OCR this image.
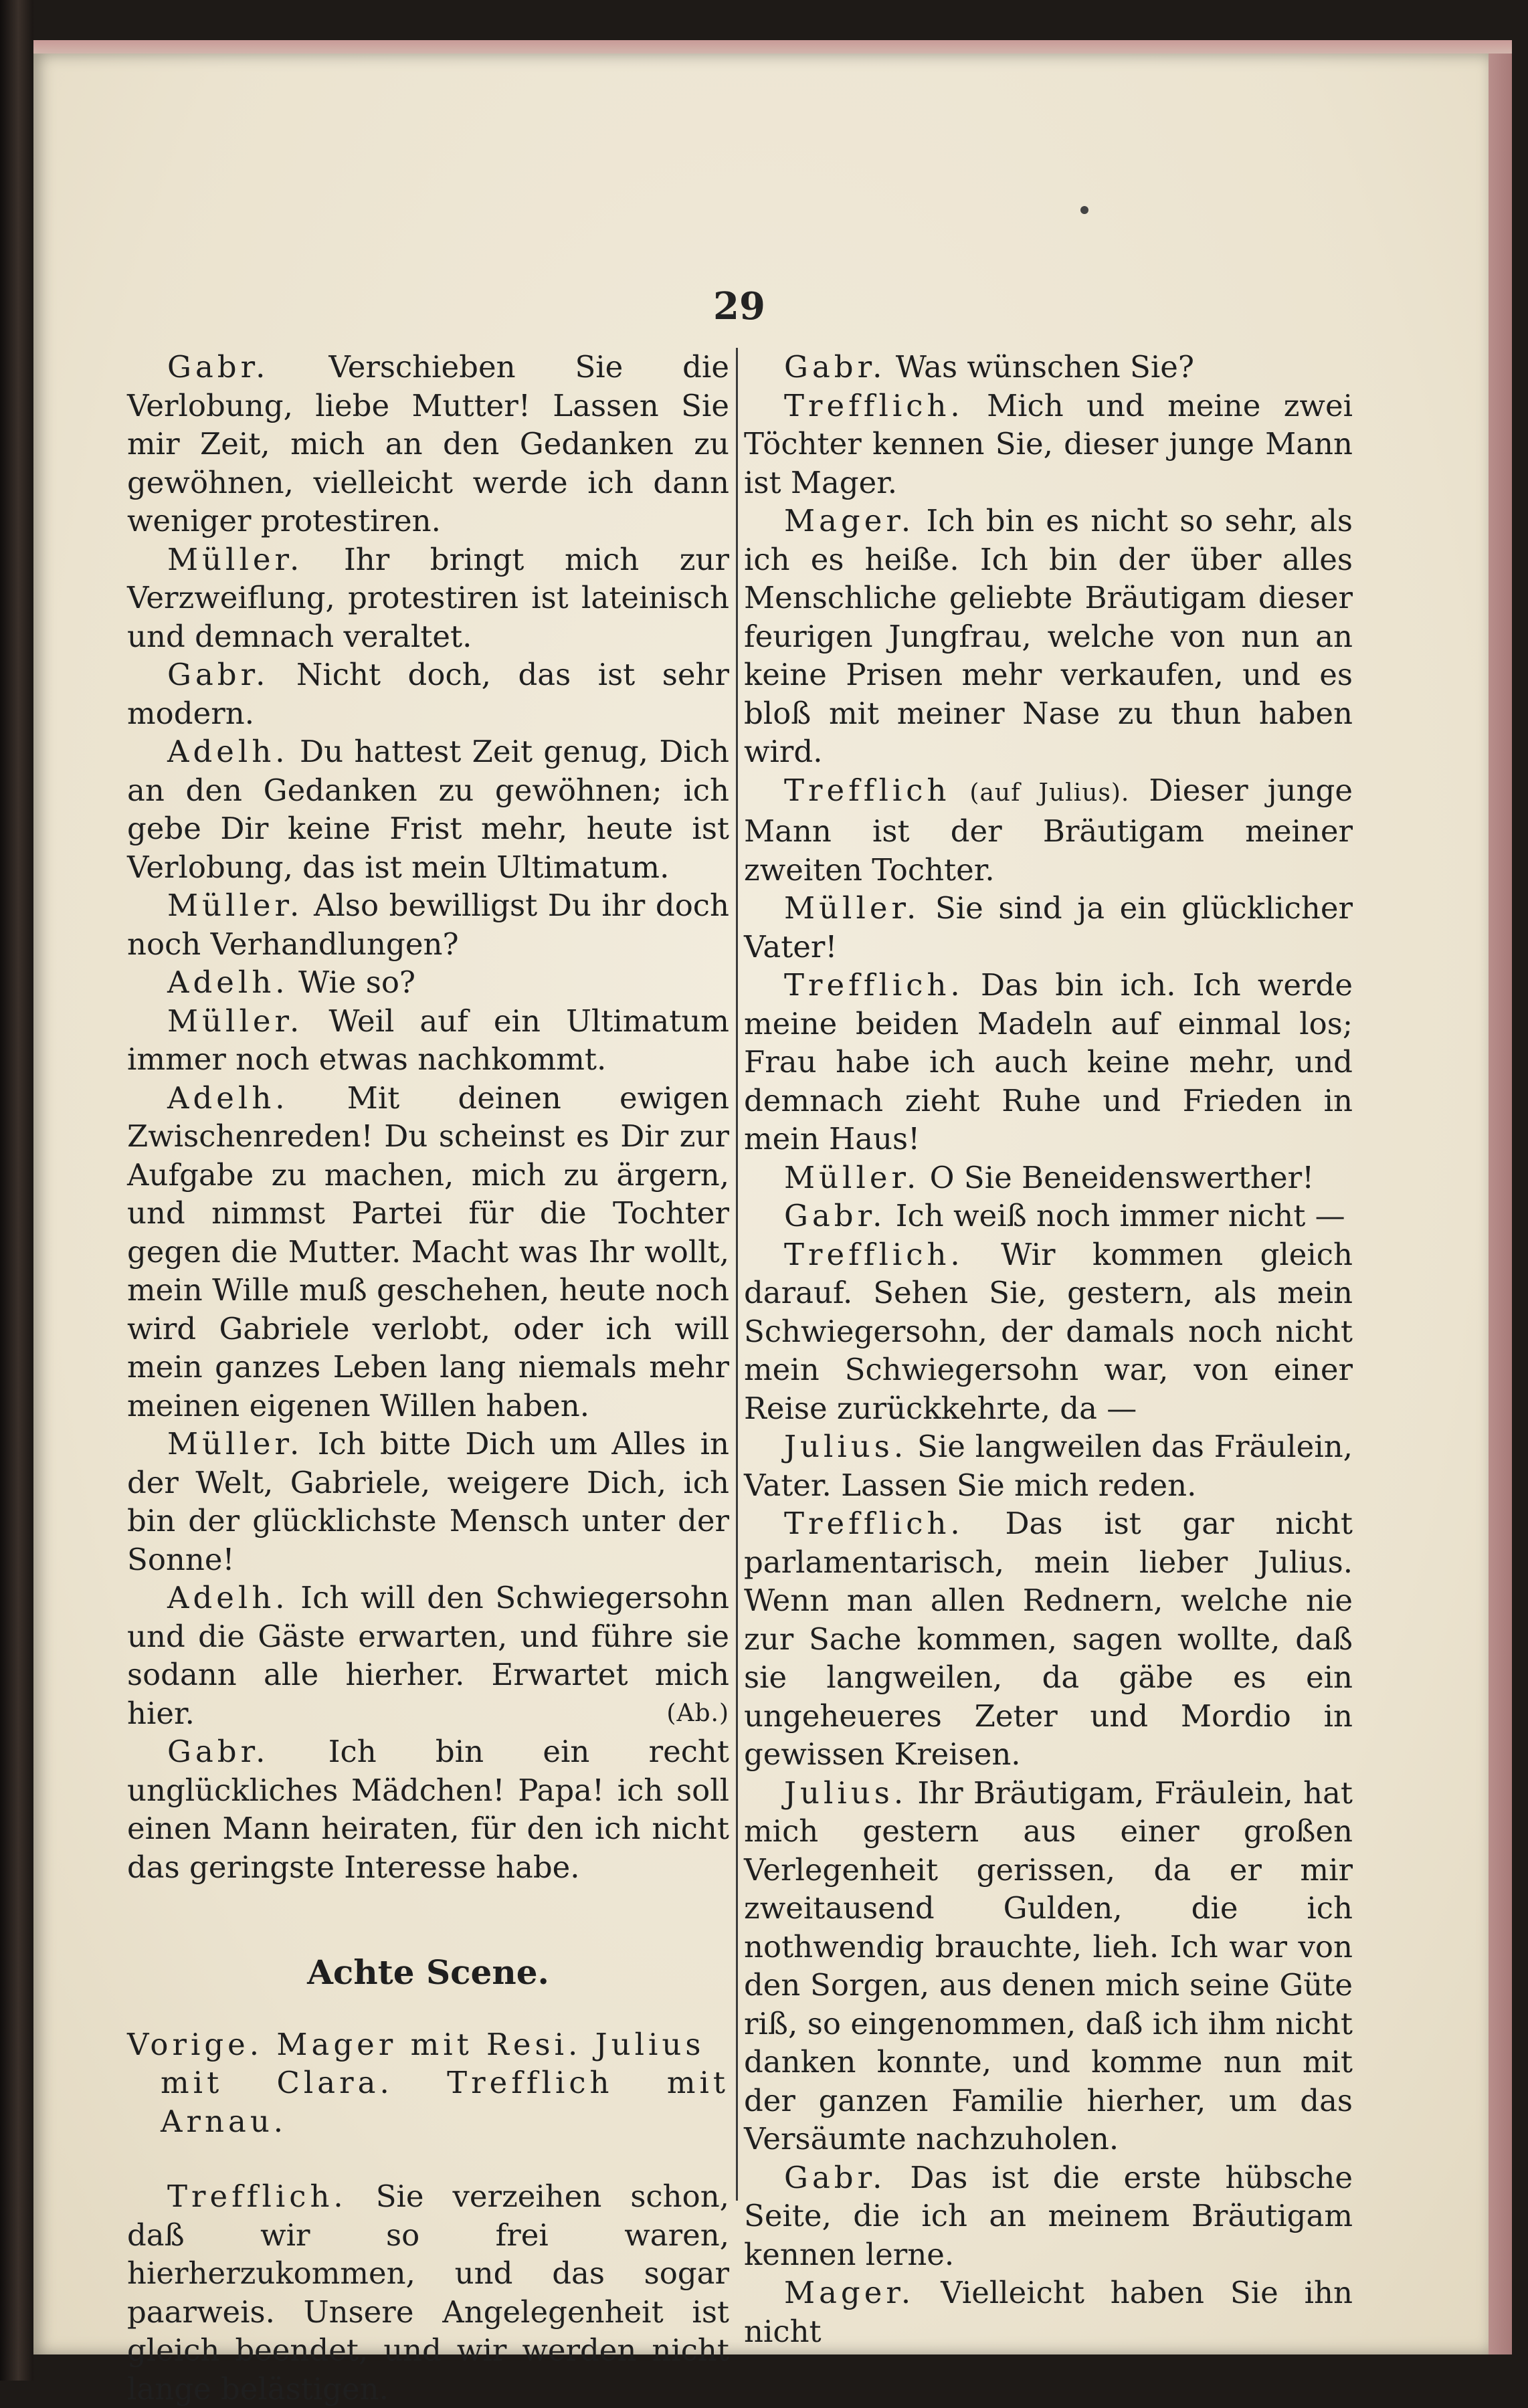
29

Gabr. Verschieben Sie die Verlobung, liebe Mutter! Lassen Sie mir Zeit, mich an den Gedanken zu gewöhnen, vielleicht werde ich dann weniger protestiren.

Müller. Ihr bringt mich zur Verzweiflung, protestiren ist lateinisch und demnach veraltet.

Gabr. Nicht doch, das ist sehr modern.

Adelh. Du hattest Zeit genug, Dich an den Gedanken zu gewöhnen; ich gebe Dir keine Frist mehr, heute ist Verlobung, das ist mein Ultimatum.

Müller. Also bewilligst Du ihr doch noch Verhandlungen?

Adelh. Wie so?

Müller. Weil auf ein Ultimatum immer noch etwas nachkommt.

Adelh. Mit deinen ewigen Zwischenreden! Du scheinst es Dir zur Aufgabe zu machen, mich zu ärgern, und nimmst Partei für die Tochter gegen die Mutter. Macht was Ihr wollt, mein Wille muß geschehen, heute noch wird Gabriele verlobt, oder ich will mein ganzes Leben lang niemals mehr meinen eigenen Willen haben.

Müller. Ich bitte Dich um Alles in der Welt, Gabriele, weigere Dich, ich bin der glücklichste Mensch unter der Sonne!

Adelh. Ich will den Schwiegersohn und die Gäste erwarten, und führe sie sodann alle hierher. Erwartet mich hier.	(Ab.)

Gabr. Ich bin ein recht unglückliches Mädchen! Papa! ich soll einen Mann heiraten, für den ich nicht das geringste Interesse habe.

Achte Scene.

Vorige. Mager mit Resi. Julius
mit Clara. Trefflich mit Arnau.

Trefflich. Sie verzeihen schon, daß wir so frei waren, hierherzukommen, und das sogar paarweis. Unsere Angelegenheit ist gleich beendet, und wir werden nicht lange belästigen.

Gabr. Was wünschen Sie?

Trefflich. Mich und meine zwei Töchter kennen Sie, dieser junge Mann ist Mager.

Mager. Ich bin es nicht so sehr, als ich es heiße. Ich bin der über alles Menschliche geliebte Bräutigam dieser feurigen Jungfrau, welche von nun an keine Prisen mehr verkaufen, und es bloß mit meiner Nase zu thun haben wird.

Trefflich (auf Julius). Dieser junge Mann ist der Bräutigam meiner zweiten Tochter.

Müller. Sie sind ja ein glücklicher Vater!

Trefflich. Das bin ich. Ich werde meine beiden Madeln auf einmal los; Frau habe ich auch keine mehr, und demnach zieht Ruhe und Frieden in mein Haus!

Müller. O Sie Beneidenswerther!

Gabr. Ich weiß noch immer nicht —

Trefflich. Wir kommen gleich darauf. Sehen Sie, gestern, als mein Schwiegersohn, der damals noch nicht mein Schwiegersohn war, von einer Reise zurückkehrte, da —

Julius. Sie langweilen das Fräulein, Vater. Lassen Sie mich reden.

Trefflich. Das ist gar nicht parlamentarisch, mein lieber Julius. Wenn man allen Rednern, welche nie zur Sache kommen, sagen wollte, daß sie langweilen, da gäbe es ein ungeheueres Zeter und Mordio in gewissen Kreisen.

Julius. Ihr Bräutigam, Fräulein, hat mich gestern aus einer großen Verlegenheit gerissen, da er mir zweitausend Gulden, die ich nothwendig brauchte, lieh. Ich war von den Sorgen, aus denen mich seine Güte riß, so eingenommen, daß ich ihm nicht danken konnte, und komme nun mit der ganzen Familie hierher, um das Versäumte nachzuholen.

Gabr. Das ist die erste hübsche Seite, die ich an meinem Bräutigam kennen lerne.

Mager. Vielleicht haben Sie ihn nicht
